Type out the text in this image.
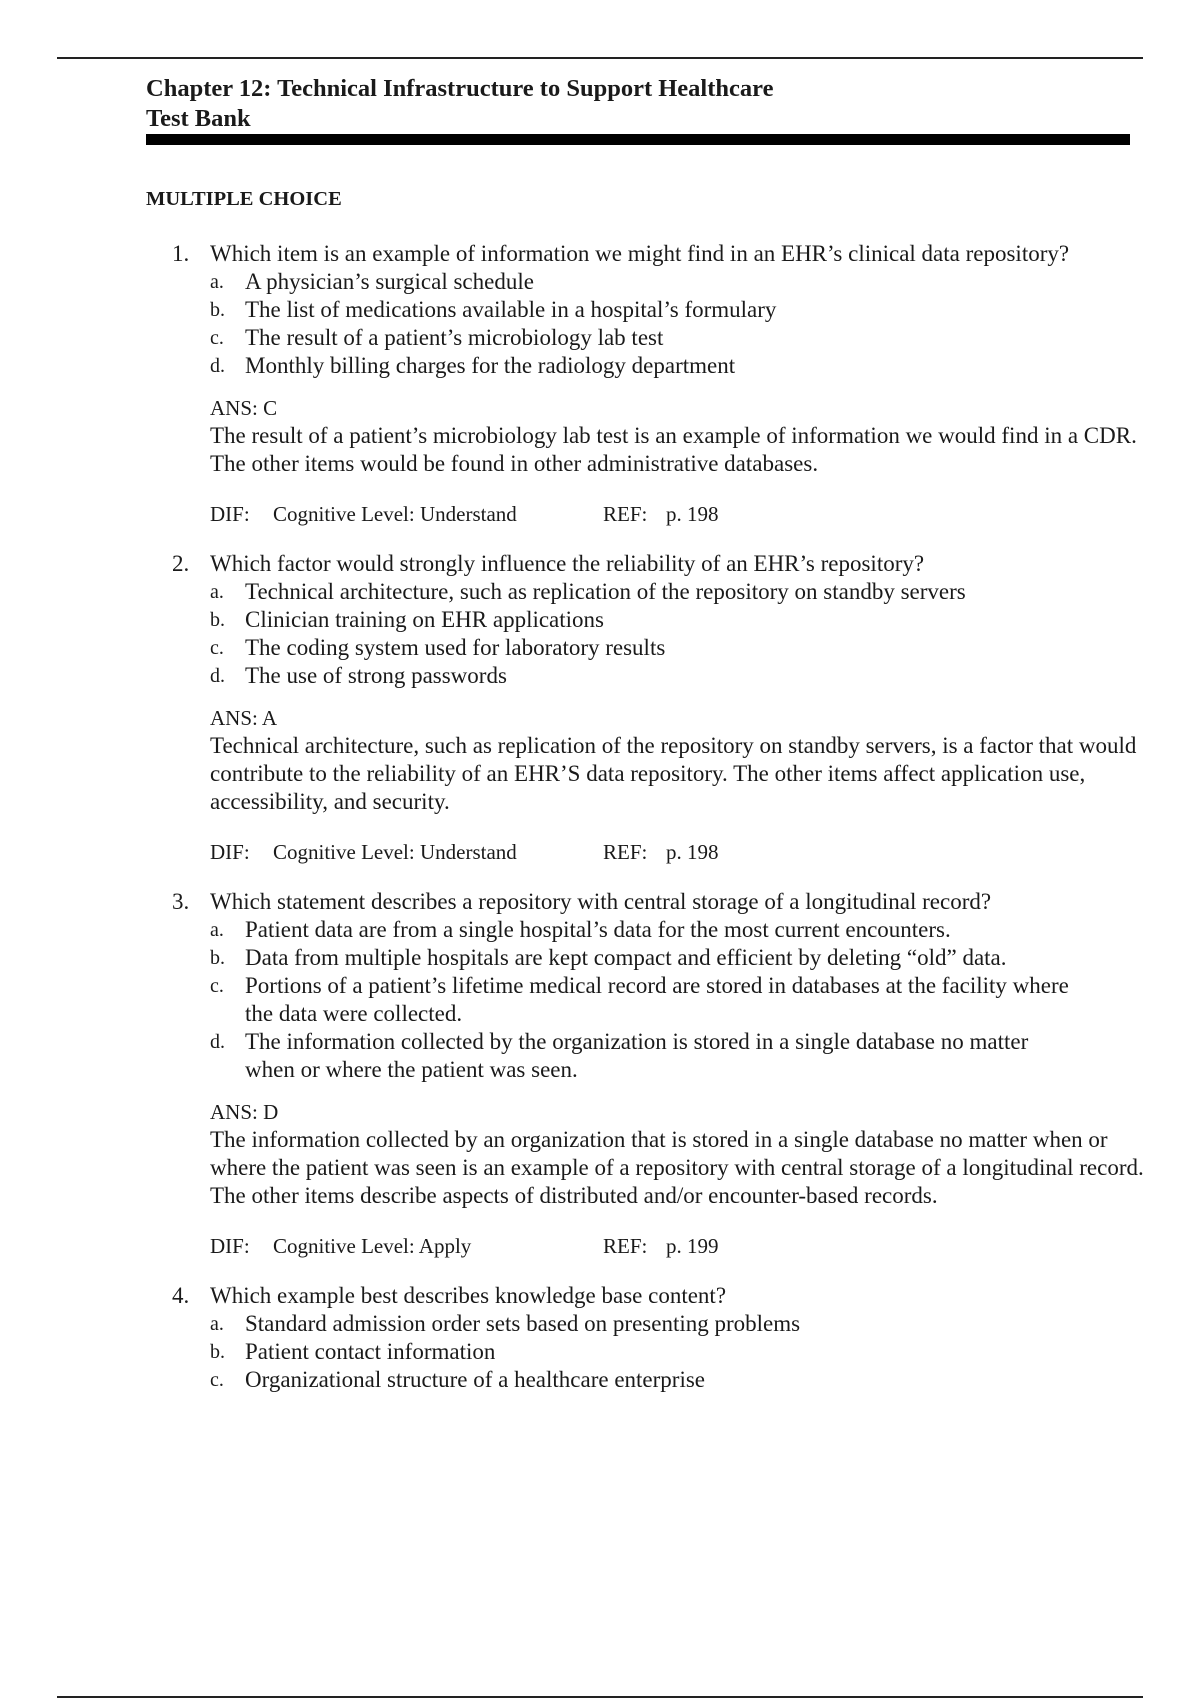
Chapter 12: Technical Infrastructure to Support Healthcare
Test Bank
MULTIPLE CHOICE
1. Which item is an example of information we might find in an EHR’s clinical data repository?
a. A physician’s surgical schedule
b. The list of medications available in a hospital’s formulary
c. The result of a patient’s microbiology lab test
d. Monthly billing charges for the radiology department
ANS: C
The result of a patient’s microbiology lab test is an example of information we would find in a CDR. The other items would be found in other administrative databases.
DIF: Cognitive Level: Understand	REF: p. 198
2. Which factor would strongly influence the reliability of an EHR’s repository?
a. Technical architecture, such as replication of the repository on standby servers
b. Clinician training on EHR applications
c. The coding system used for laboratory results
d. The use of strong passwords
ANS: A
Technical architecture, such as replication of the repository on standby servers, is a factor that would contribute to the reliability of an EHR’S data repository. The other items affect application use, accessibility, and security.
DIF: Cognitive Level: Understand	REF: p. 198
3. Which statement describes a repository with central storage of a longitudinal record?
a. Patient data are from a single hospital’s data for the most current encounters.
b. Data from multiple hospitals are kept compact and efficient by deleting “old” data.
c. Portions of a patient’s lifetime medical record are stored in databases at the facility where the data were collected.
d. The information collected by the organization is stored in a single database no matter when or where the patient was seen.
ANS: D
The information collected by an organization that is stored in a single database no matter when or where the patient was seen is an example of a repository with central storage of a longitudinal record. The other items describe aspects of distributed and/or encounter-based records.
DIF: Cognitive Level: Apply	REF: p. 199
4. Which example best describes knowledge base content?
a. Standard admission order sets based on presenting problems
b. Patient contact information
c. Organizational structure of a healthcare enterprise
